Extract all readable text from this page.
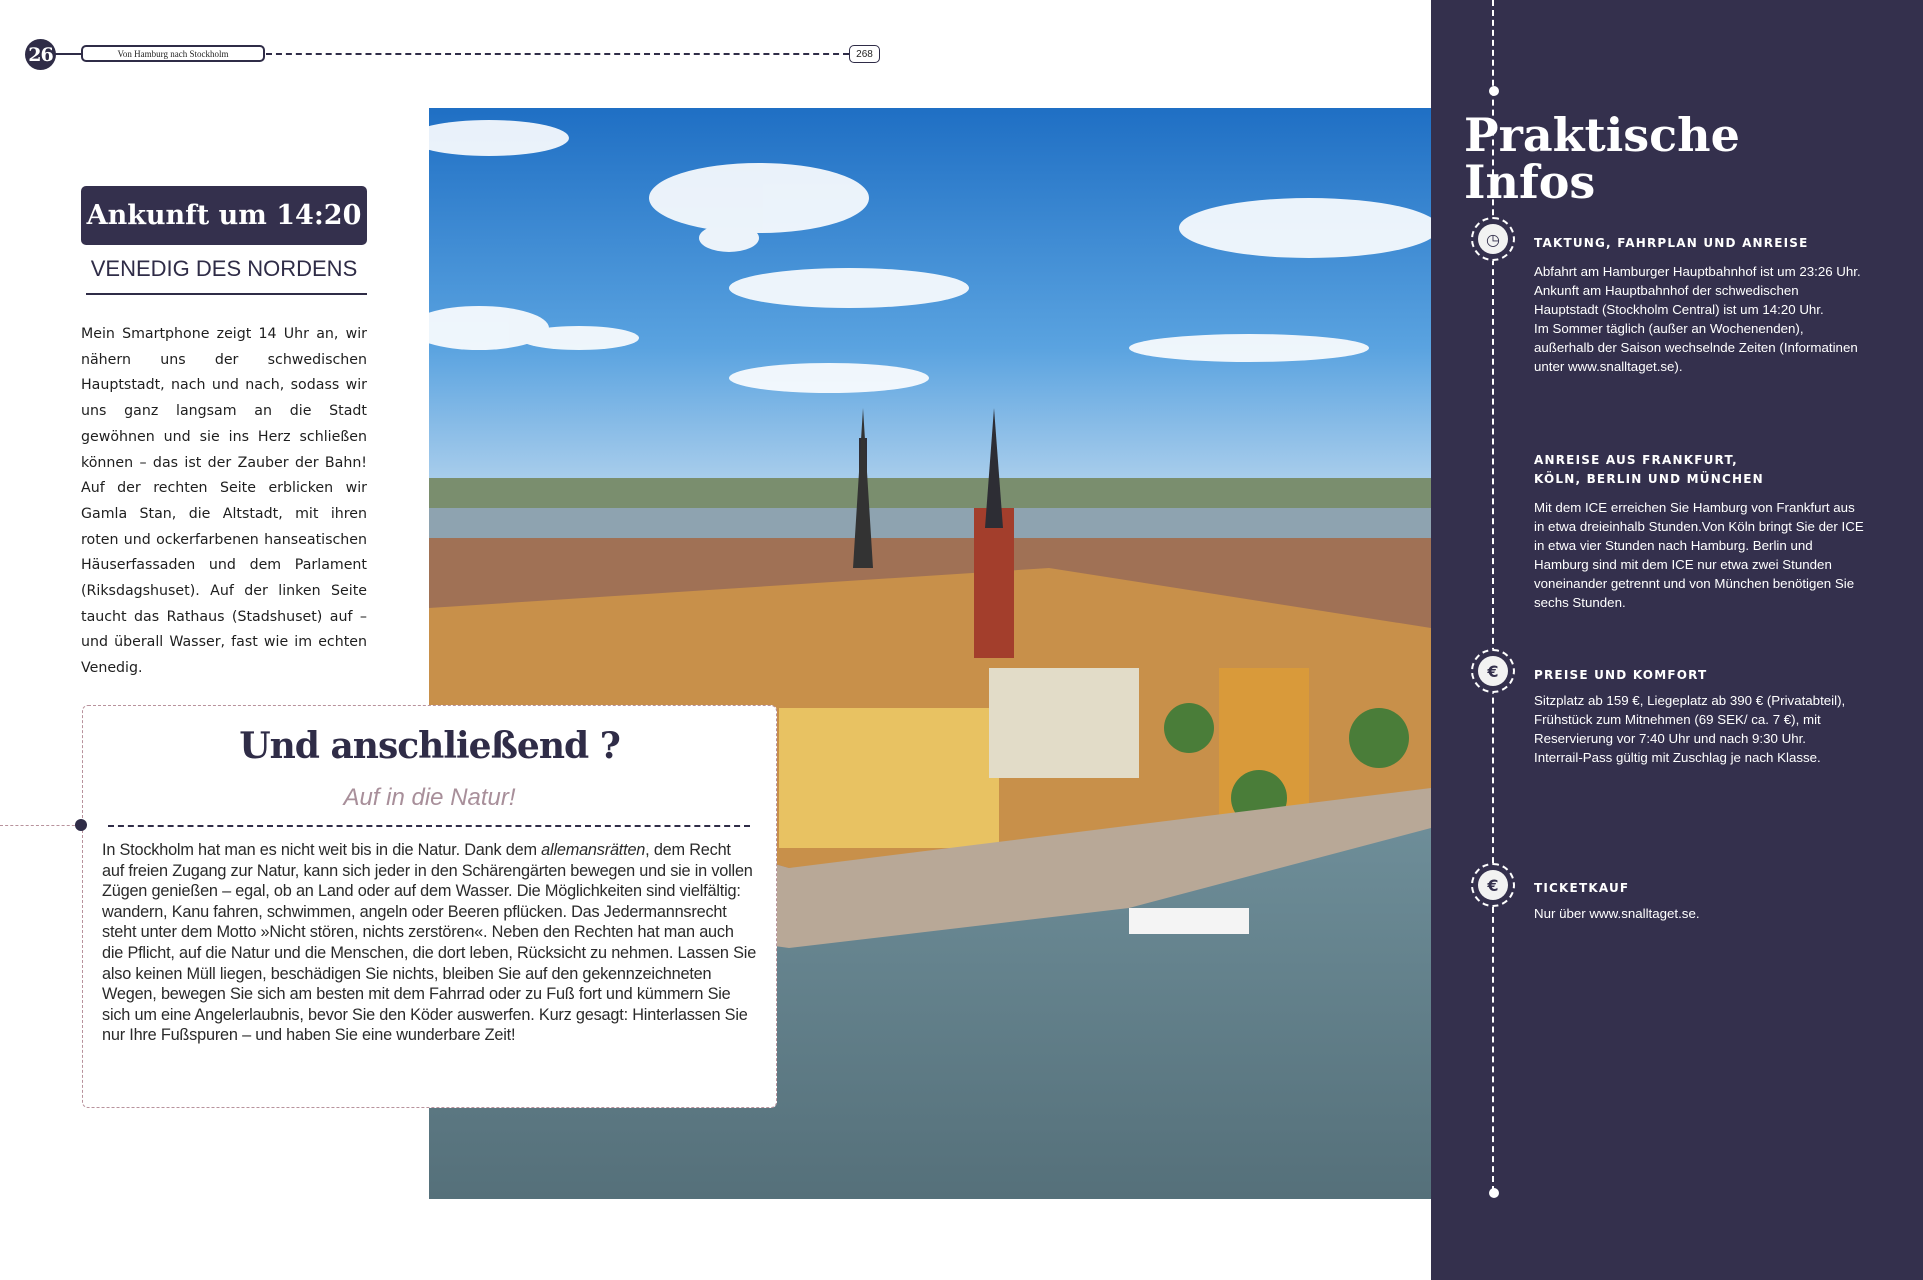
26	Von Hamburg nach Stockholm	268
Ankunft um 14:20
VENEDIG DES NORDENS
Mein Smartphone zeigt 14 Uhr an, wir nähern uns der schwedischen Hauptstadt, nach und nach, sodass wir uns ganz langsam an die Stadt gewöhnen und sie ins Herz schließen können – das ist der Zauber der Bahn! Auf der rechten Seite erblicken wir Gamla Stan, die Altstadt, mit ihren roten und ockerfarbenen hanseatischen Häuserfassaden und dem Parlament (Riksdagshuset). Auf der linken Seite taucht das Rathaus (Stadshuset) auf – und überall Wasser, fast wie im echten Venedig.
Und anschließend ?
Auf in die Natur!
In Stockholm hat man es nicht weit bis in die Natur. Dank dem allemansrätten, dem Recht auf freien Zugang zur Natur, kann sich jeder in den Schärengärten bewegen und sie in vollen Zügen genießen – egal, ob an Land oder auf dem Wasser. Die Möglichkeiten sind vielfältig: wandern, Kanu fahren, schwimmen, angeln oder Beeren pflücken. Das Jedermannsrecht steht unter dem Motto »Nicht stören, nichts zerstören«. Neben den Rechten hat man auch die Pflicht, auf die Natur und die Menschen, die dort leben, Rücksicht zu nehmen. Lassen Sie also keinen Müll liegen, beschädigen Sie nichts, bleiben Sie auf den gekennzeichneten Wegen, bewegen Sie sich am besten mit dem Fahrrad oder zu Fuß fort und kümmern Sie sich um eine Angelerlaubnis, bevor Sie den Köder auswerfen. Kurz gesagt: Hinterlassen Sie nur Ihre Fußspuren – und haben Sie eine wunderbare Zeit!
Praktische
Infos
◷	TAKTUNG, FAHRPLAN UND ANREISE
Abfahrt am Hamburger Hauptbahnhof ist um 23:26 Uhr. Ankunft am Hauptbahnhof der schwedischen Hauptstadt (Stockholm Central) ist um 14:20 Uhr.
Im Sommer täglich (außer an Wochenenden), außerhalb der Saison wechselnde Zeiten (Informatinen unter www.snalltaget.se).
ANREISE AUS FRANKFURT,
KÖLN, BERLIN UND MÜNCHEN
Mit dem ICE erreichen Sie Hamburg von Frankfurt aus in etwa dreieinhalb Stunden.Von Köln bringt Sie der ICE in etwa vier Stunden nach Hamburg. Berlin und Hamburg sind mit dem ICE nur etwa zwei Stunden voneinander getrennt und von München benötigen Sie sechs Stunden.
€	PREISE UND KOMFORT
Sitzplatz ab 159 €, Liegeplatz ab 390 € (Privatabteil), Frühstück zum Mitnehmen (69 SEK/ ca. 7 €), mit Reservierung vor 7:40 Uhr und nach 9:30 Uhr.
Interrail-Pass gültig mit Zuschlag je nach Klasse.
€	TICKETKAUF
Nur über www.snalltaget.se.
